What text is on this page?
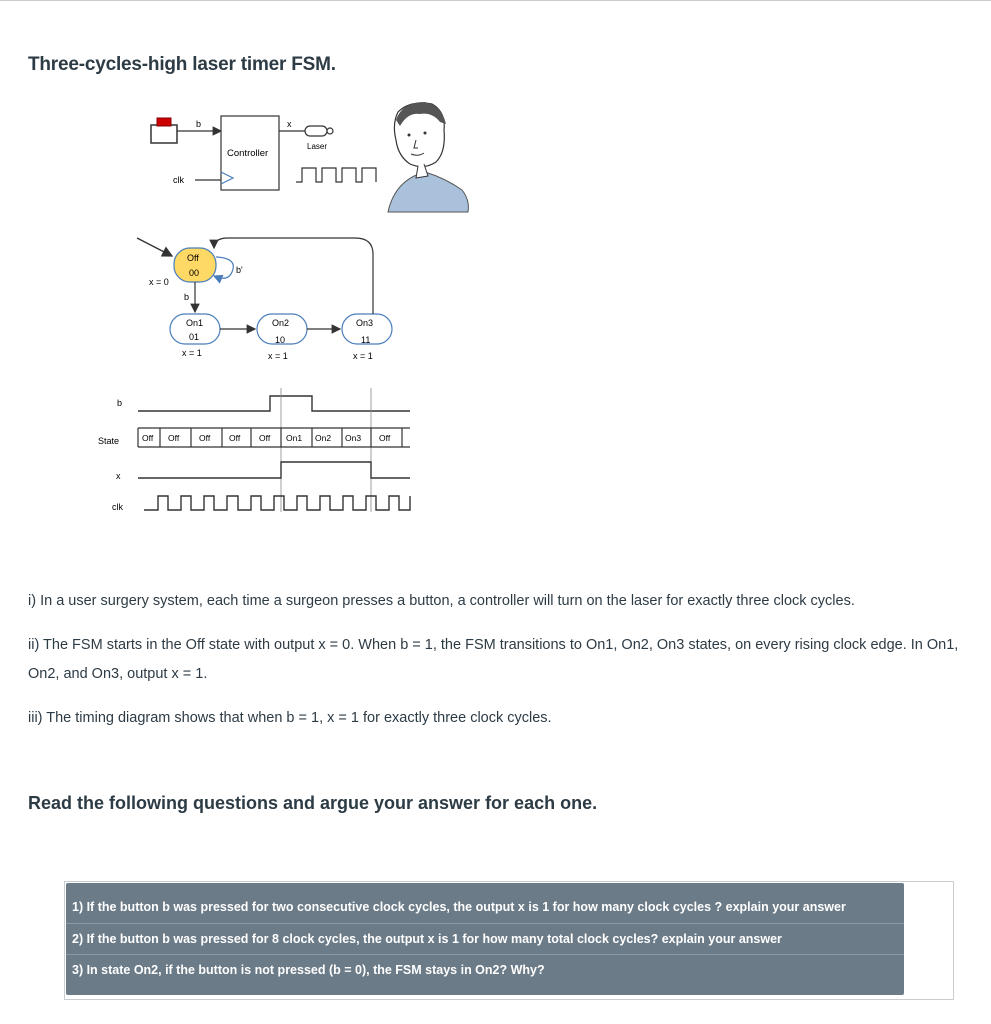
Three-cycles-high laser timer FSM.
b
Controller
clk
x
Laser
Off
00
x = 0
b'
b
On1
01
x = 1
On2
10
x = 1
On3
11
x = 1
b
State
x
clk
Off Off Off Off Off On1 On2 On3 Off
i) In a user surgery system, each time a surgeon presses a button, a controller will turn on the laser for exactly three clock cycles.
ii) The FSM starts in the Off state with output x = 0. When b = 1, the FSM transitions to On1, On2, On3 states, on every rising clock edge. In On1, On2, and On3, output x = 1.
iii) The timing diagram shows that when b = 1, x = 1 for exactly three clock cycles.
Read the following questions and argue your answer for each one.
1) If the button b was pressed for two consecutive clock cycles, the output x is 1 for how many clock cycles ? explain your answer
2) If the button b was pressed for 8 clock cycles, the output x is 1 for how many total clock cycles? explain your answer
3) In state On2, if the button is not pressed (b = 0), the FSM stays in On2? Why?
